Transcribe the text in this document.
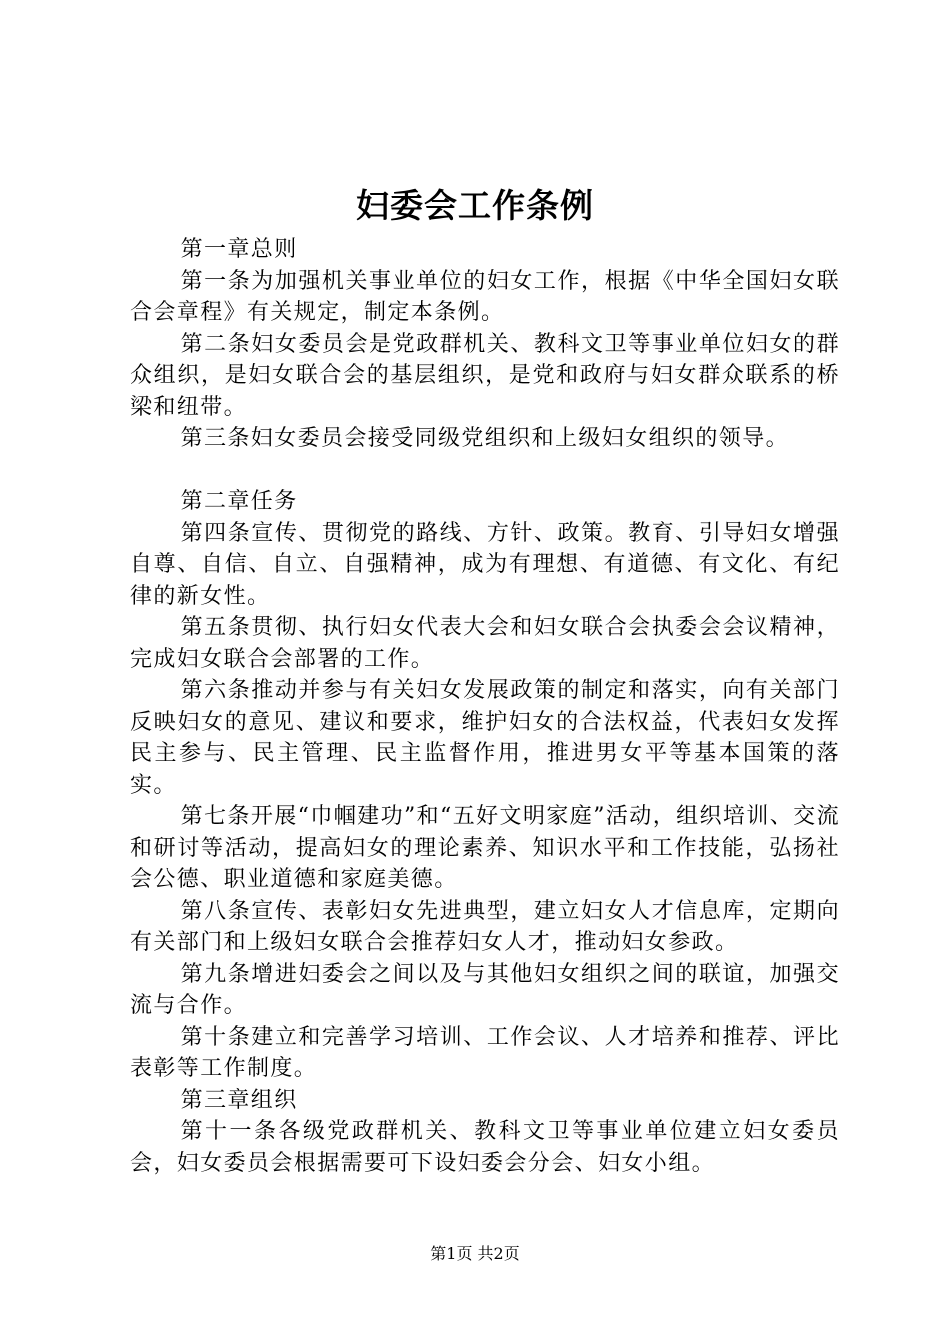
妇委会工作条例

第一章总则

第一条为加强机关事业单位的妇女工作，根据《中华全国妇女联合会章程》有关规定，制定本条例。

第二条妇女委员会是党政群机关、教科文卫等事业单位妇女的群众组织，是妇女联合会的基层组织，是党和政府与妇女群众联系的桥梁和纽带。

第三条妇女委员会接受同级党组织和上级妇女组织的领导。

第二章任务

第四条宣传、贯彻党的路线、方针、政策。教育、引导妇女增强自尊、自信、自立、自强精神，成为有理想、有道德、有文化、有纪律的新女性。

第五条贯彻、执行妇女代表大会和妇女联合会执委会会议精神，完成妇女联合会部署的工作。

第六条推动并参与有关妇女发展政策的制定和落实，向有关部门反映妇女的意见、建议和要求，维护妇女的合法权益，代表妇女发挥民主参与、民主管理、民主监督作用，推进男女平等基本国策的落实。

第七条开展“巾帼建功”和“五好文明家庭”活动，组织培训、交流和研讨等活动，提高妇女的理论素养、知识水平和工作技能，弘扬社会公德、职业道德和家庭美德。

第八条宣传、表彰妇女先进典型，建立妇女人才信息库，定期向有关部门和上级妇女联合会推荐妇女人才，推动妇女参政。

第九条增进妇委会之间以及与其他妇女组织之间的联谊，加强交流与合作。

第十条建立和完善学习培训、工作会议、人才培养和推荐、评比表彰等工作制度。

第三章组织

第十一条各级党政群机关、教科文卫等事业单位建立妇女委员会，妇女委员会根据需要可下设妇委会分会、妇女小组。

第1页 共2页
